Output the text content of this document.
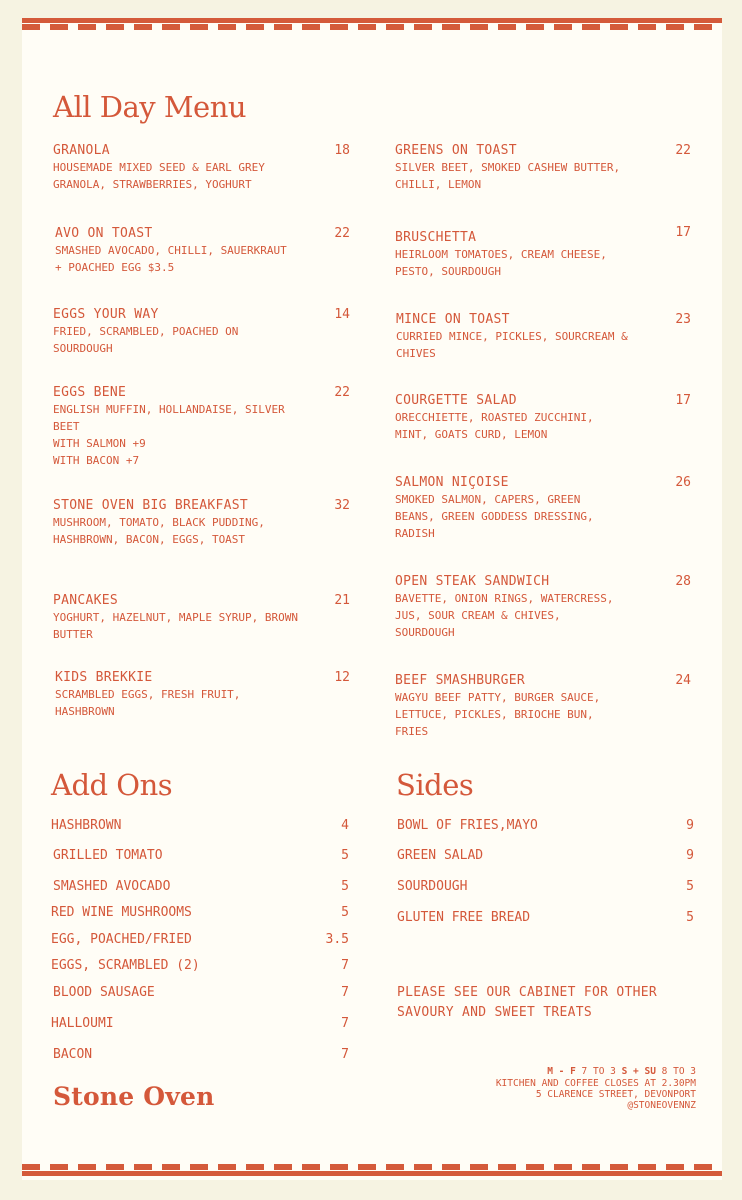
All Day Menu
GRANOLA
HOUSEMADE MIXED SEED & EARL GREY
GRANOLA, STRAWBERRIES, YOGHURT
18
AVO ON TOAST
SMASHED AVOCADO, CHILLI, SAUERKRAUT
+ POACHED EGG $3.5
22
EGGS YOUR WAY
FRIED, SCRAMBLED, POACHED ON
SOURDOUGH
14
EGGS BENE
ENGLISH MUFFIN, HOLLANDAISE, SILVER
BEET
WITH SALMON +9
WITH BACON +7
22
STONE OVEN BIG BREAKFAST
MUSHROOM, TOMATO, BLACK PUDDING,
HASHBROWN, BACON, EGGS, TOAST
32
PANCAKES
YOGHURT, HAZELNUT, MAPLE SYRUP, BROWN
BUTTER
21
KIDS BREKKIE
SCRAMBLED EGGS, FRESH FRUIT,
HASHBROWN
12
GREENS ON TOAST
SILVER BEET, SMOKED CASHEW BUTTER,
CHILLI, LEMON
22
BRUSCHETTA
HEIRLOOM TOMATOES, CREAM CHEESE,
PESTO, SOURDOUGH
17
MINCE ON TOAST
CURRIED MINCE, PICKLES, SOURCREAM &
CHIVES
23
COURGETTE SALAD
ORECCHIETTE, ROASTED ZUCCHINI,
MINT, GOATS CURD, LEMON
17
SALMON NIÇOISE
SMOKED SALMON, CAPERS, GREEN
BEANS, GREEN GODDESS DRESSING,
RADISH
26
OPEN STEAK SANDWICH
BAVETTE, ONION RINGS, WATERCRESS,
JUS, SOUR CREAM & CHIVES,
SOURDOUGH
28
BEEF SMASHBURGER
WAGYU BEEF PATTY, BURGER SAUCE,
LETTUCE, PICKLES, BRIOCHE BUN,
FRIES
24
Add Ons
HASHBROWN	4
GRILLED TOMATO	5
SMASHED AVOCADO	5
RED WINE MUSHROOMS	5
EGG, POACHED/FRIED	3.5
EGGS, SCRAMBLED (2)	7
BLOOD SAUSAGE	7
HALLOUMI	7
BACON	7
Sides
BOWL OF FRIES,MAYO	9
GREEN SALAD	9
SOURDOUGH	5
GLUTEN FREE BREAD	5
PLEASE SEE OUR CABINET FOR OTHER SAVOURY AND SWEET TREATS
M - F 7 TO 3 S + SU 8 TO 3
KITCHEN AND COFFEE CLOSES AT 2.30PM
5 CLARENCE STREET, DEVONPORT
@STONEOVENNZ
Stone Oven
